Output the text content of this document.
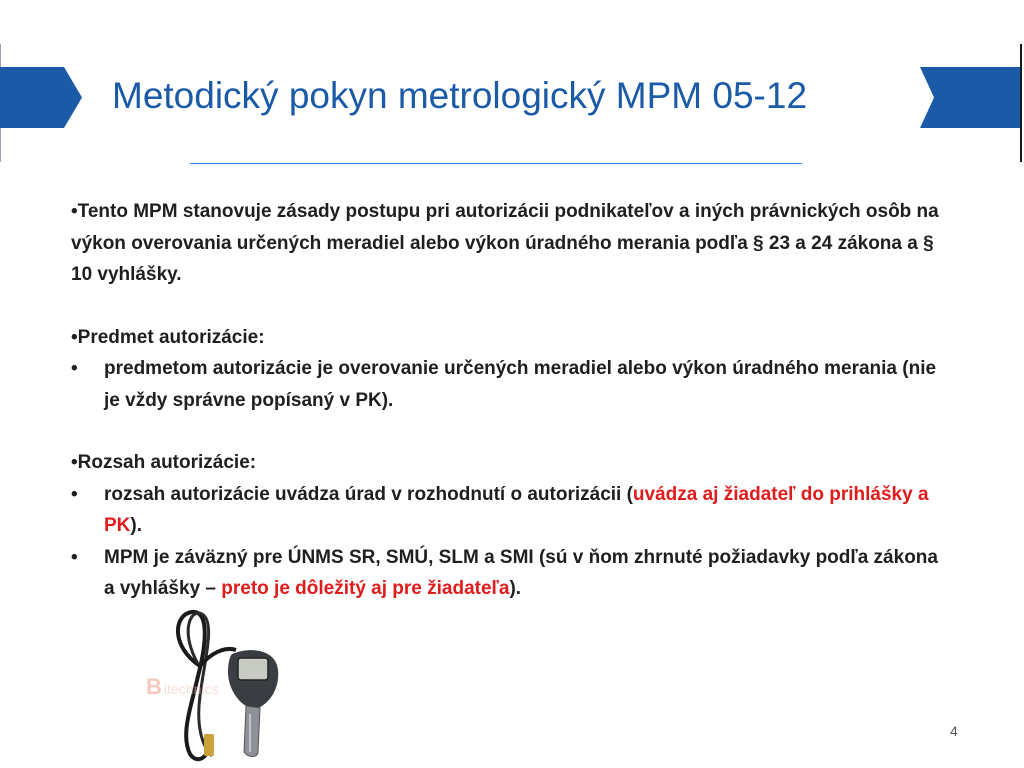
Metodický pokyn metrologický MPM 05-12

•Tento MPM stanovuje zásady postupu pri autorizácii podnikateľov a iných právnických osôb na výkon overovania určených meradiel alebo výkon úradného merania podľa § 23 a 24 zákona a § 10 vyhlášky.

•Predmet autorizácie:

• predmetom autorizácie je overovanie určených meradiel alebo výkon úradného merania (nie je vždy správne popísaný v PK).

•Rozsah autorizácie:

• rozsah autorizácie uvádza úrad v rozhodnutí o autorizácii (uvádza aj žiadateľ do prihlášky a PK).
• MPM je záväzný pre ÚNMS SR, SMÚ, SLM a SMI (sú v ňom zhrnuté požiadavky podľa zákona a vyhlášky – preto je dôležitý aj pre žiadateľa).
B itechnics
4
